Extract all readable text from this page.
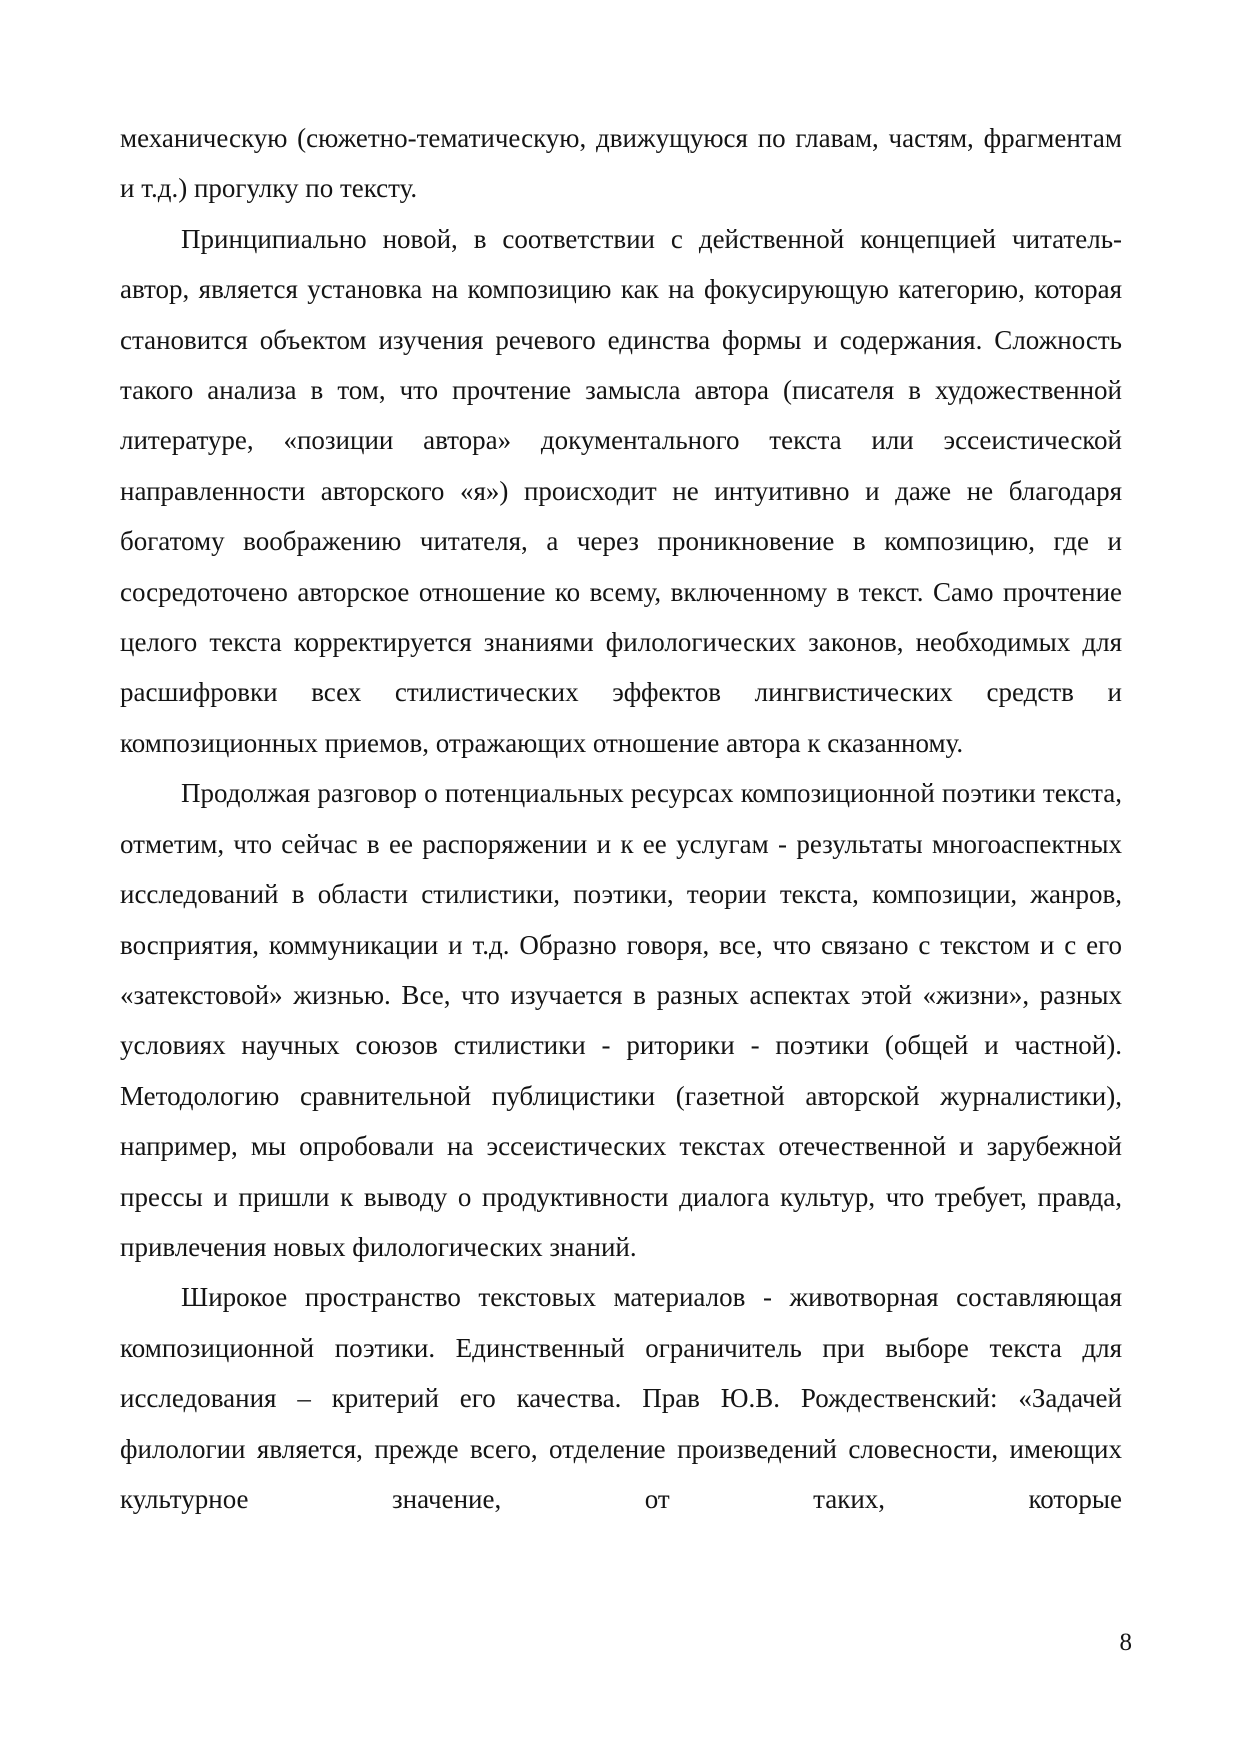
механическую (сюжетно-тематическую, движущуюся по главам, частям, фрагментам и т.д.) прогулку по тексту.

Принципиально новой, в соответствии с действенной концепцией читатель-автор, является установка на композицию как на фокусирующую категорию, которая становится объектом изучения речевого единства формы и содержания. Сложность такого анализа в том, что прочтение замысла автора (писателя в художественной литературе, «позиции автора» документального текста или эссеистической направленности авторского «я») происходит не интуитивно и даже не благодаря богатому воображению читателя, а через проникновение в композицию, где и сосредоточено авторское отношение ко всему, включенному в текст. Само прочтение целого текста корректируется знаниями филологических законов, необходимых для расшифровки всех стилистических эффектов лингвистических средств и композиционных приемов, отражающих отношение автора к сказанному.

Продолжая разговор о потенциальных ресурсах композиционной поэтики текста, отметим, что сейчас в ее распоряжении и к ее услугам - результаты многоаспектных исследований в области стилистики, поэтики, теории текста, композиции, жанров, восприятия, коммуникации и т.д. Образно говоря, все, что связано с текстом и с его «затекстовой» жизнью. Все, что изучается в разных аспектах этой «жизни», разных условиях научных союзов стилистики - риторики - поэтики (общей и частной). Методологию сравнительной публицистики (газетной авторской журналистики), например, мы опробовали на эссеистических текстах отечественной и зарубежной прессы и пришли к выводу о продуктивности диалога культур, что требует, правда, привлечения новых филологических знаний.

Широкое пространство текстовых материалов - животворная составляющая композиционной поэтики. Единственный ограничитель при выборе текста для исследования – критерий его качества. Прав Ю.В. Рождественский: «Задачей филологии является, прежде всего, отделение произведений словесности, имеющих культурное значение, от таких, которые

8
